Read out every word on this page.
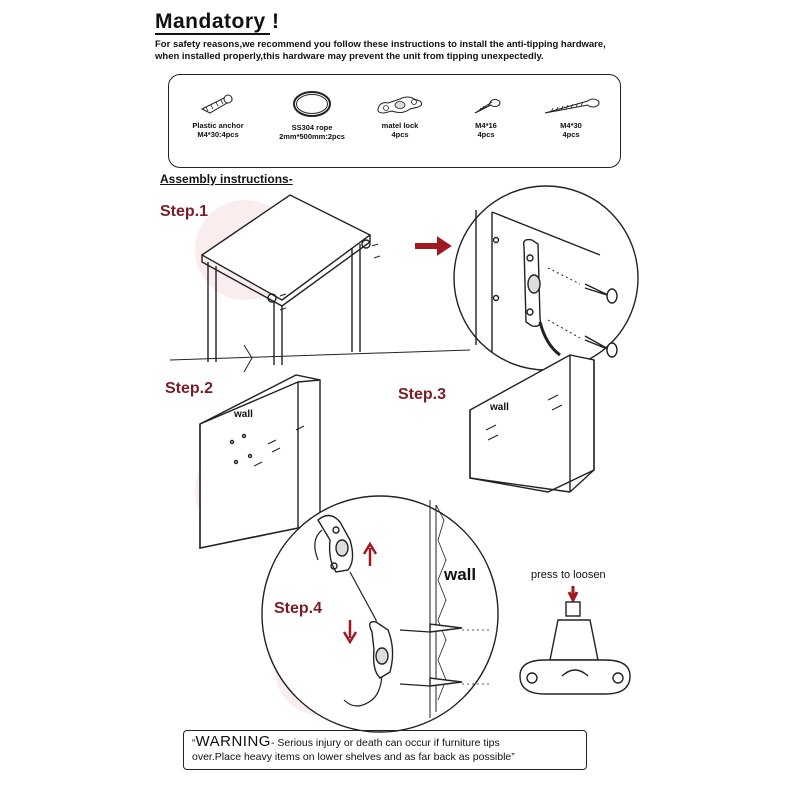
Mandatory !
For safety reasons,we recommend you follow these instructions to install the anti-tipping hardware,
when installed properly,this hardware may prevent the unit from tipping unexpectedly.
Plastic anchor
M4*30:4pcs
SS304 rope
2mm*500mm:2pcs
matel lock
4pcs
M4*16
4pcs
M4*30
4pcs
Assembly instructions-
Step.1
Step.2	Step.3
Step.4
wall
wall
wall	press to loosen
“WARNING- Serious injury or death can occur if furniture tips
over.Place heavy items on lower shelves and as far back as possible”
